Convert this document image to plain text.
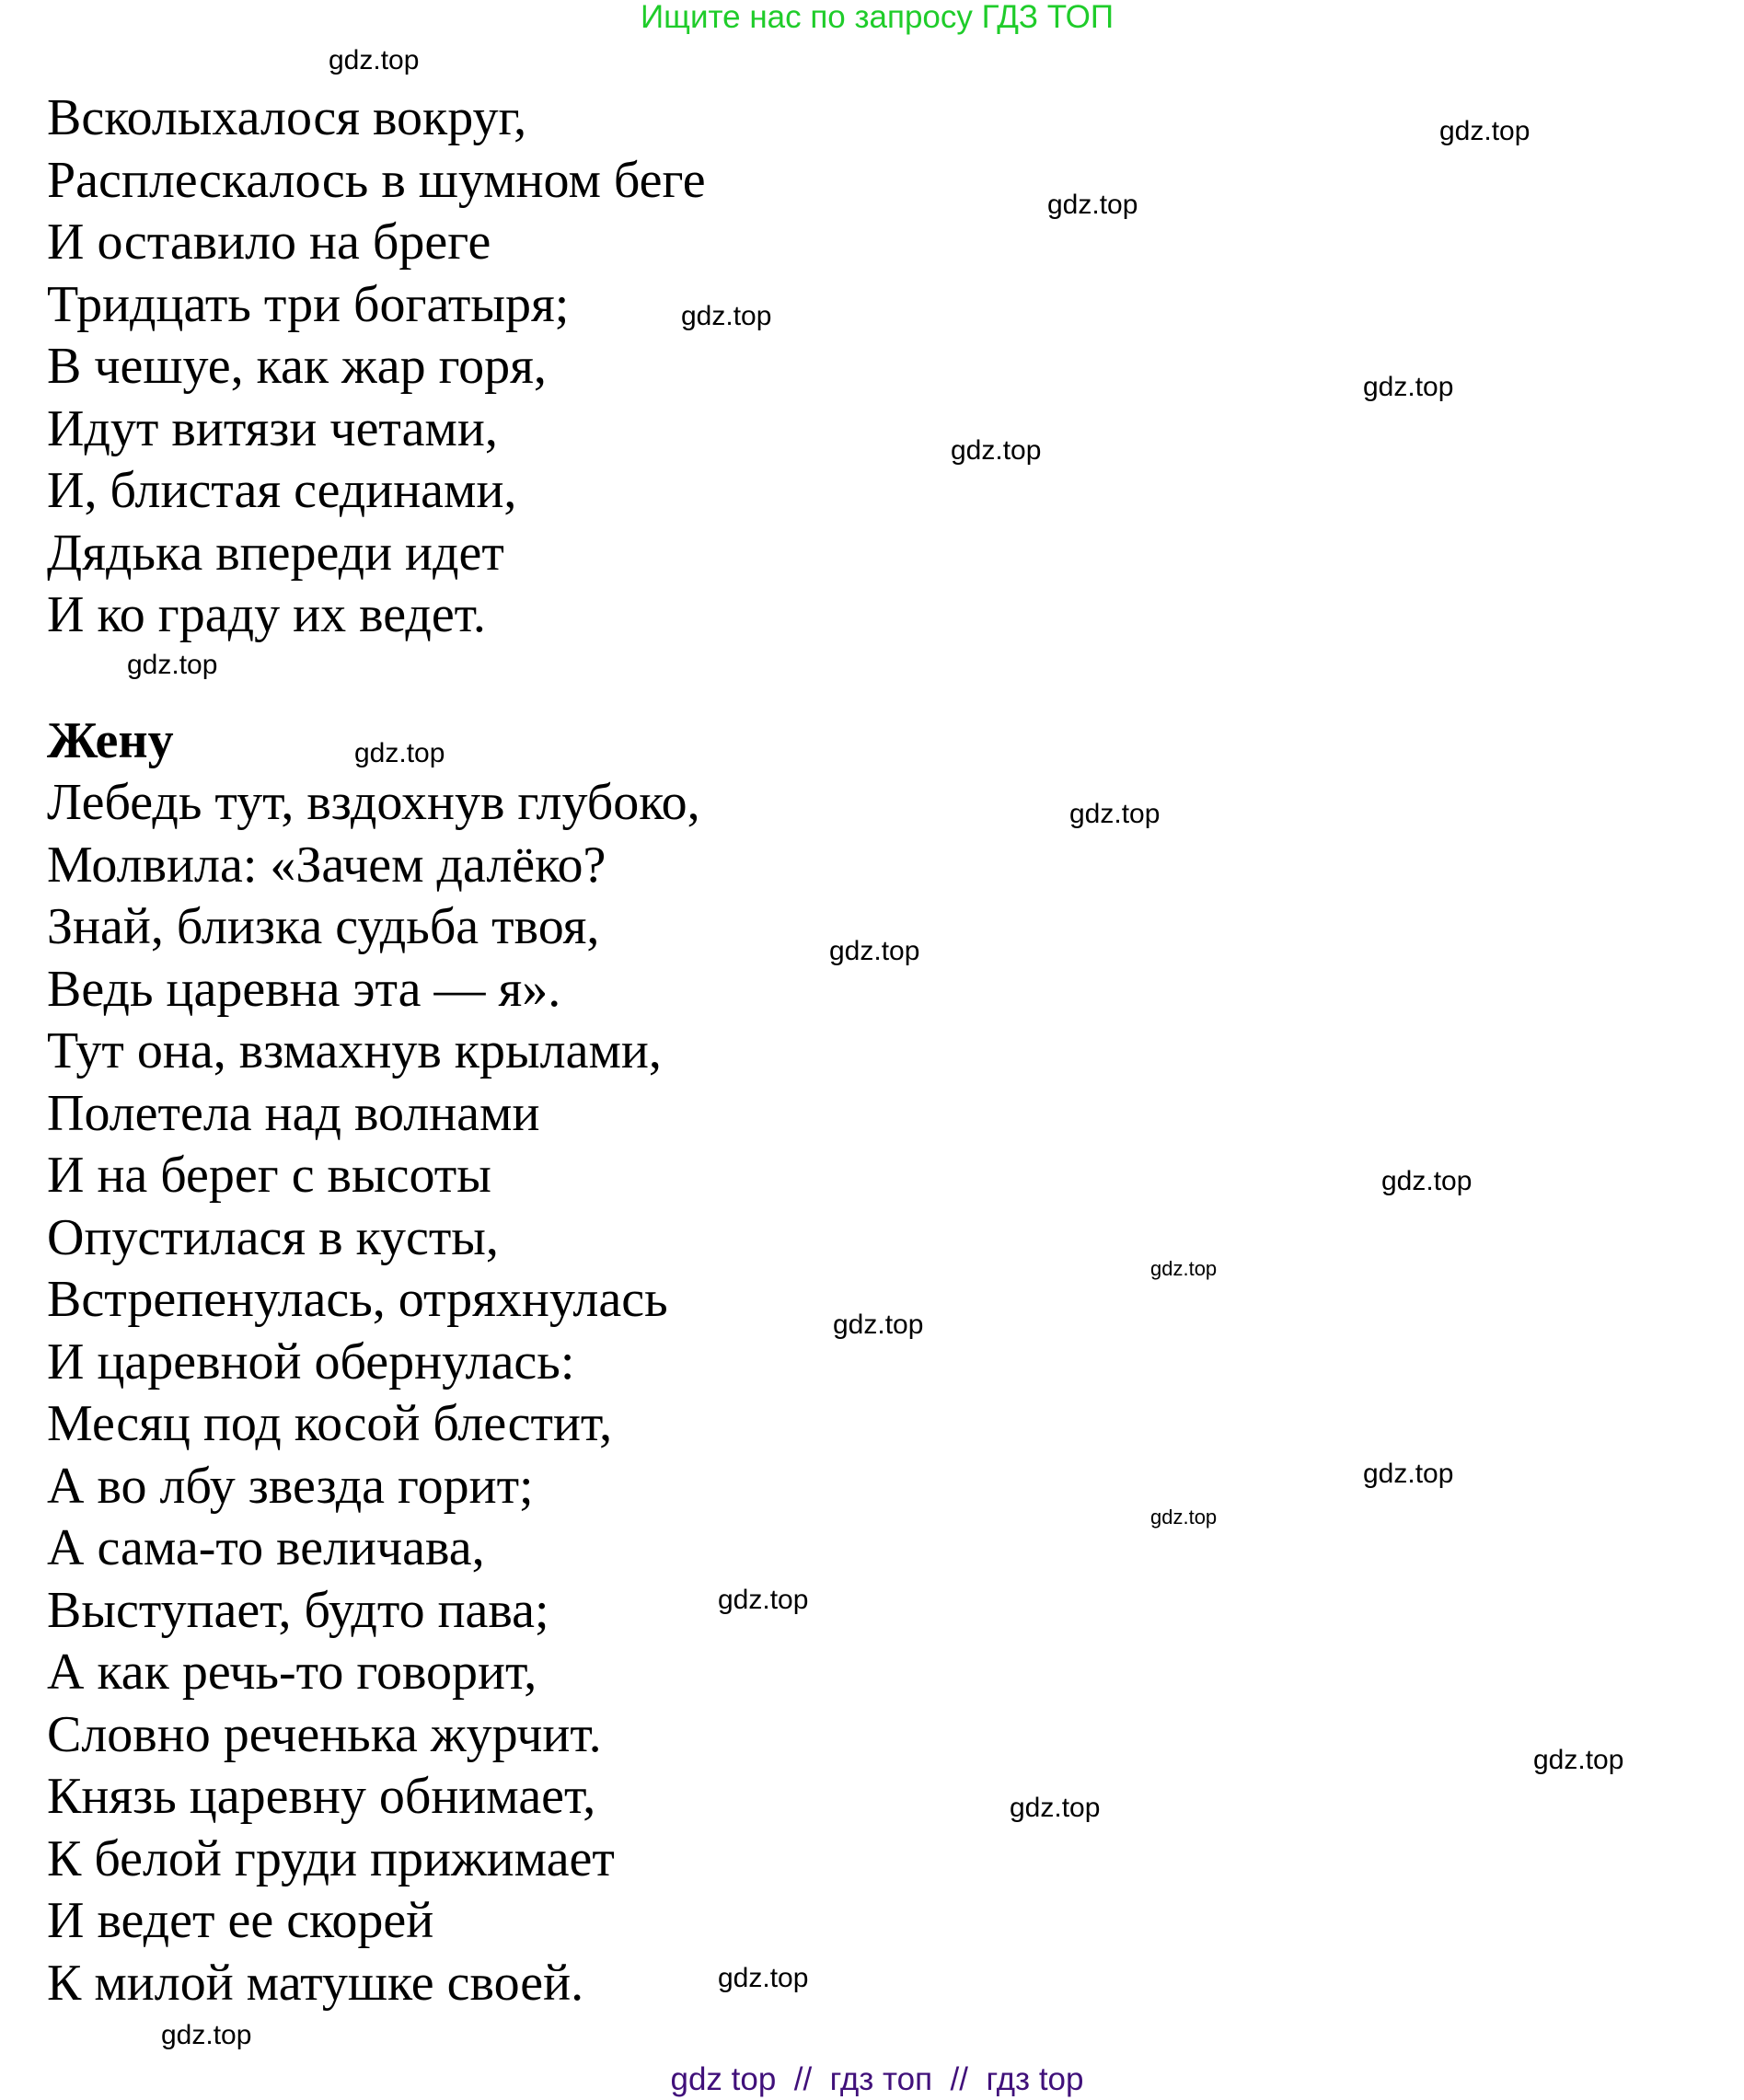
Ищите нас по запросу ГДЗ ТОП
Всколыхалося вокруг,
Расплескалось в шумном беге
И оставило на бреге
Тридцать три богатыря;
В чешуе, как жар горя,
Идут витязи четами,
И, блистая сединами,
Дядька впереди идет
И ко граду их ведет.
Жену
Лебедь тут, вздохнув глубоко,
Молвила: «Зачем далёко?
Знай, близка судьба твоя,
Ведь царевна эта — я».
Тут она, взмахнув крылами,
Полетела над волнами
И на берег с высоты
Опустилася в кусты,
Встрепенулась, отряхнулась
И царевной обернулась:
Месяц под косой блестит,
А во лбу звезда горит;
А сама-то величава,
Выступает, будто пава;
А как речь-то говорит,
Словно реченька журчит.
Князь царевну обнимает,
К белой груди прижимает
И ведет ее скорей
К милой матушке своей.
gdz.top
gdz.top
gdz.top
gdz.top
gdz.top
gdz.top
gdz.top
gdz.top
gdz.top
gdz.top
gdz.top
gdz.top
gdz.top
gdz.top
gdz.top
gdz.top
gdz.top
gdz.top
gdz.top
gdz.top
gdz top  //  гдз топ  //  гдз top
